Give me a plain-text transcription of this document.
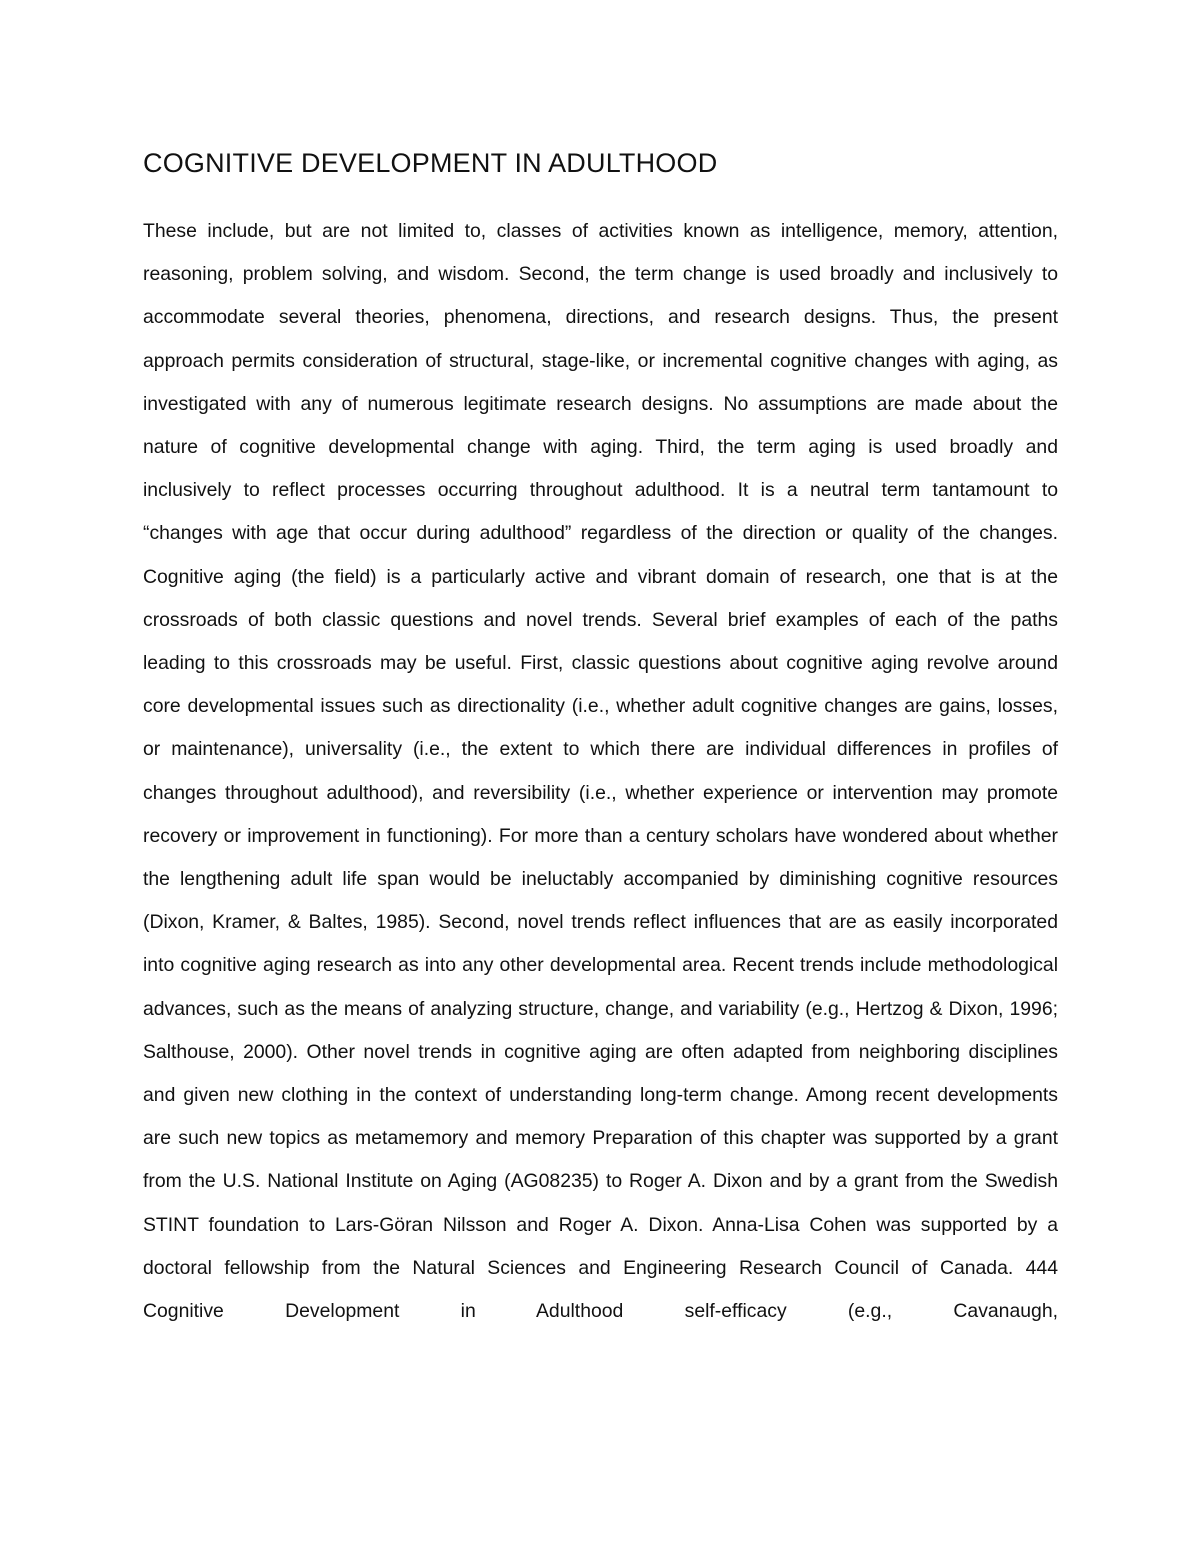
COGNITIVE DEVELOPMENT IN ADULTHOOD

These include, but are not limited to, classes of activities known as intelligence, memory, attention, reasoning, problem solving, and wisdom. Second, the term change is used broadly and inclusively to accommodate several theories, phenomena, directions, and research designs. Thus, the present approach permits consideration of structural, stage-like, or incremental cognitive changes with aging, as investigated with any of numerous legitimate research designs. No assumptions are made about the nature of cognitive developmental change with aging. Third, the term aging is used broadly and inclusively to reflect processes occurring throughout adulthood. It is a neutral term tantamount to “changes with age that occur during adulthood” regardless of the direction or quality of the changes. Cognitive aging (the field) is a particularly active and vibrant domain of research, one that is at the crossroads of both classic questions and novel trends. Several brief examples of each of the paths leading to this crossroads may be useful. First, classic questions about cognitive aging revolve around core developmental issues such as directionality (i.e., whether adult cognitive changes are gains, losses, or maintenance), universality (i.e., the extent to which there are individual differences in profiles of changes throughout adulthood), and reversibility (i.e., whether experience or intervention may promote recovery or improvement in functioning). For more than a century scholars have wondered about whether the lengthening adult life span would be ineluctably accompanied by diminishing cognitive resources (Dixon, Kramer, & Baltes, 1985). Second, novel trends reflect influences that are as easily incorporated into cognitive aging research as into any other developmental area. Recent trends include methodological advances, such as the means of analyzing structure, change, and variability (e.g., Hertzog & Dixon, 1996; Salthouse, 2000). Other novel trends in cognitive aging are often adapted from neighboring disciplines and given new clothing in the context of understanding long-term change. Among recent developments are such new topics as metamemory and memory Preparation of this chapter was supported by a grant from the U.S. National Institute on Aging (AG08235) to Roger A. Dixon and by a grant from the Swedish STINT foundation to Lars-Göran Nilsson and Roger A. Dixon. Anna-Lisa Cohen was supported by a doctoral fellowship from the Natural Sciences and Engineering Research Council of Canada. 444 Cognitive Development in Adulthood self-efficacy (e.g., Cavanaugh,
